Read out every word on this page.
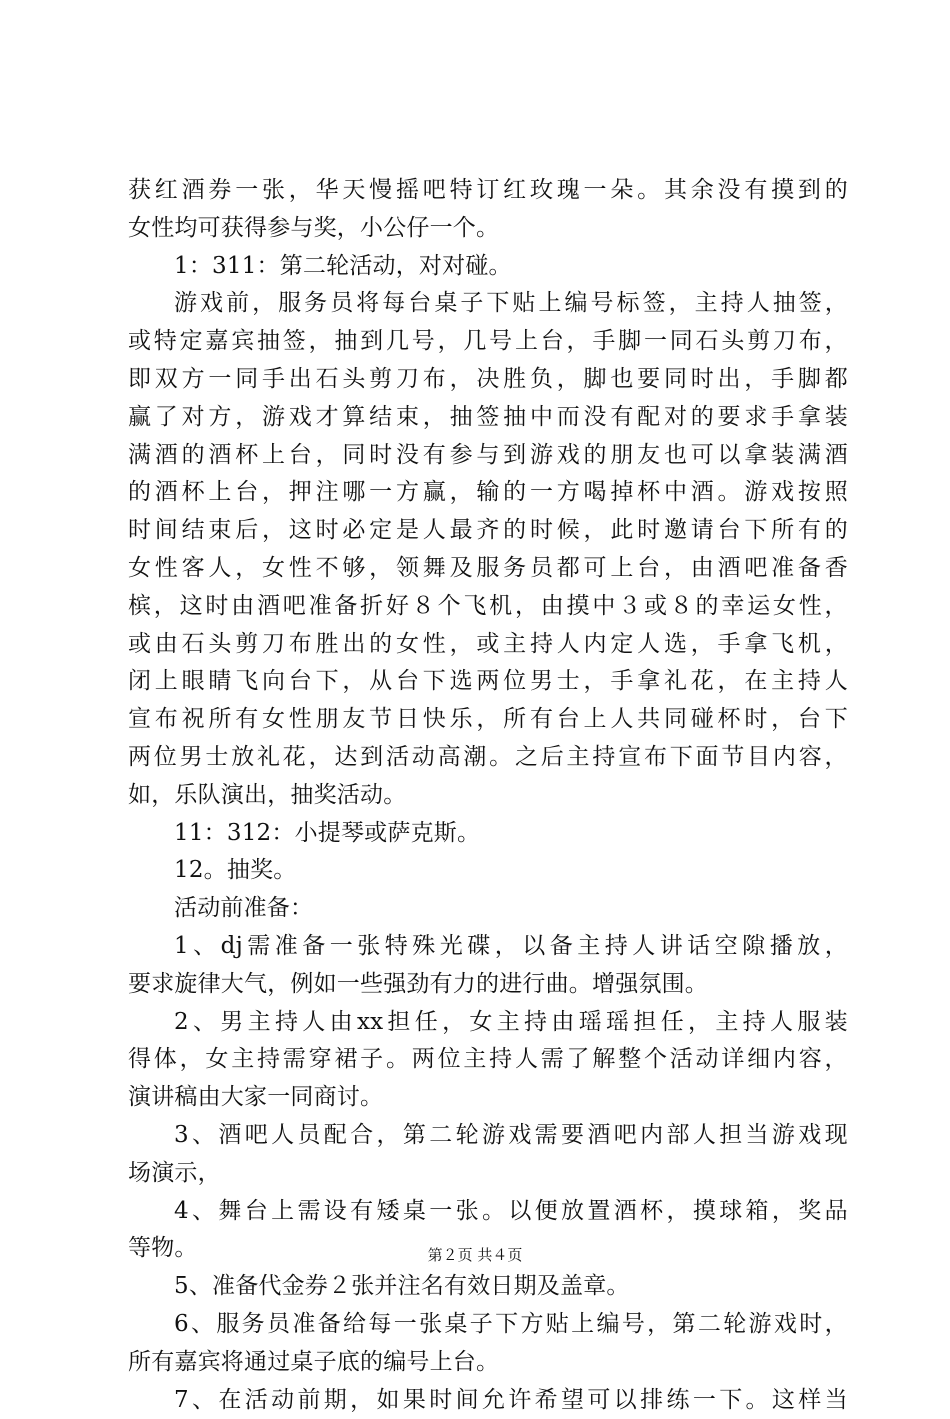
获 红 酒 券 一 张 ， 华 天 慢 摇 吧 特 订 红 玫 瑰 一 朵 。 其 余 没 有 摸 到 的
女性均可获得参与奖，小公仔一个。
1：311：第二轮活动，对对碰。
游 戏 前 ， 服 务 员 将 每 台 桌 子 下 贴 上 编 号 标 签 ， 主 持 人 抽 签 ，
或 特 定 嘉 宾 抽 签 ， 抽 到 几 号 ， 几 号 上 台 ， 手 脚 一 同 石 头 剪 刀 布 ，
即 双 方 一 同 手 出 石 头 剪 刀 布 ， 决 胜 负 ， 脚 也 要 同 时 出 ， 手 脚 都
赢 了 对 方 ， 游 戏 才 算 结 束 ， 抽 签 抽 中 而 没 有 配 对 的 要 求 手 拿 装
满 酒 的 酒 杯 上 台 ， 同 时 没 有 参 与 到 游 戏 的 朋 友 也 可 以 拿 装 满 酒
的 酒 杯 上 台 ， 押 注 哪 一 方 赢 ， 输 的 一 方 喝 掉 杯 中 酒 。 游 戏 按 照
时 间 结 束 后 ， 这 时 必 定 是 人 最 齐 的 时 候 ， 此 时 邀 请 台 下 所 有 的
女 性 客 人 ， 女 性 不 够 ， 领 舞 及 服 务 员 都 可 上 台 ， 由 酒 吧 准 备 香
槟 ， 这 时 由 酒 吧 准 备 折 好 ８ 个 飞 机 ， 由 摸 中 ３ 或 ８ 的 幸 运 女 性 ，
或 由 石 头 剪 刀 布 胜 出 的 女 性 ， 或 主 持 人 内 定 人 选 ， 手 拿 飞 机 ，
闭 上 眼 睛 飞 向 台 下 ， 从 台 下 选 两 位 男 士 ， 手 拿 礼 花 ， 在 主 持 人
宣 布 祝 所 有 女 性 朋 友 节 日 快 乐 ， 所 有 台 上 人 共 同 碰 杯 时 ， 台 下
两 位 男 士 放 礼 花 ， 达 到 活 动 高 潮 。 之 后 主 持 宣 布 下 面 节 目 内 容 ，
如，乐队演出，抽奖活动。
11：312：小提琴或萨克斯。
12。抽奖。
活动前准备：
1 、 dj 需 准 备 一 张 特 殊 光 碟 ， 以 备 主 持 人 讲 话 空 隙 播 放 ，
要求旋律大气，例如一些强劲有力的进行曲。增强氛围。
2 、 男 主 持 人 由 xx 担 任 ， 女 主 持 由 瑶 瑶 担 任 ， 主 持 人 服 装
得 体 ， 女 主 持 需 穿 裙 子 。 两 位 主 持 人 需 了 解 整 个 活 动 详 细 内 容 ，
演讲稿由大家一同商讨。
3 、 酒 吧 人 员 配 合 ， 第 二 轮 游 戏 需 要 酒 吧 内 部 人 担 当 游 戏 现
场演示，
4 、 舞 台 上 需 设 有 矮 桌 一 张 。 以 便 放 置 酒 杯 ， 摸 球 箱 ， 奖 品
等物。
5、准备代金券２张并注名有效日期及盖章。
6 、 服 务 员 准 备 给 每 一 张 桌 子 下 方 贴 上 编 号 ， 第 二 轮 游 戏 时 ，
所有嘉宾将通过桌子底的编号上台。
7 、 在 活 动 前 期 ， 如 果 时 间 允 许 希 望 可 以 排 练 一 下 。 这 样 当
第２页 共４页
